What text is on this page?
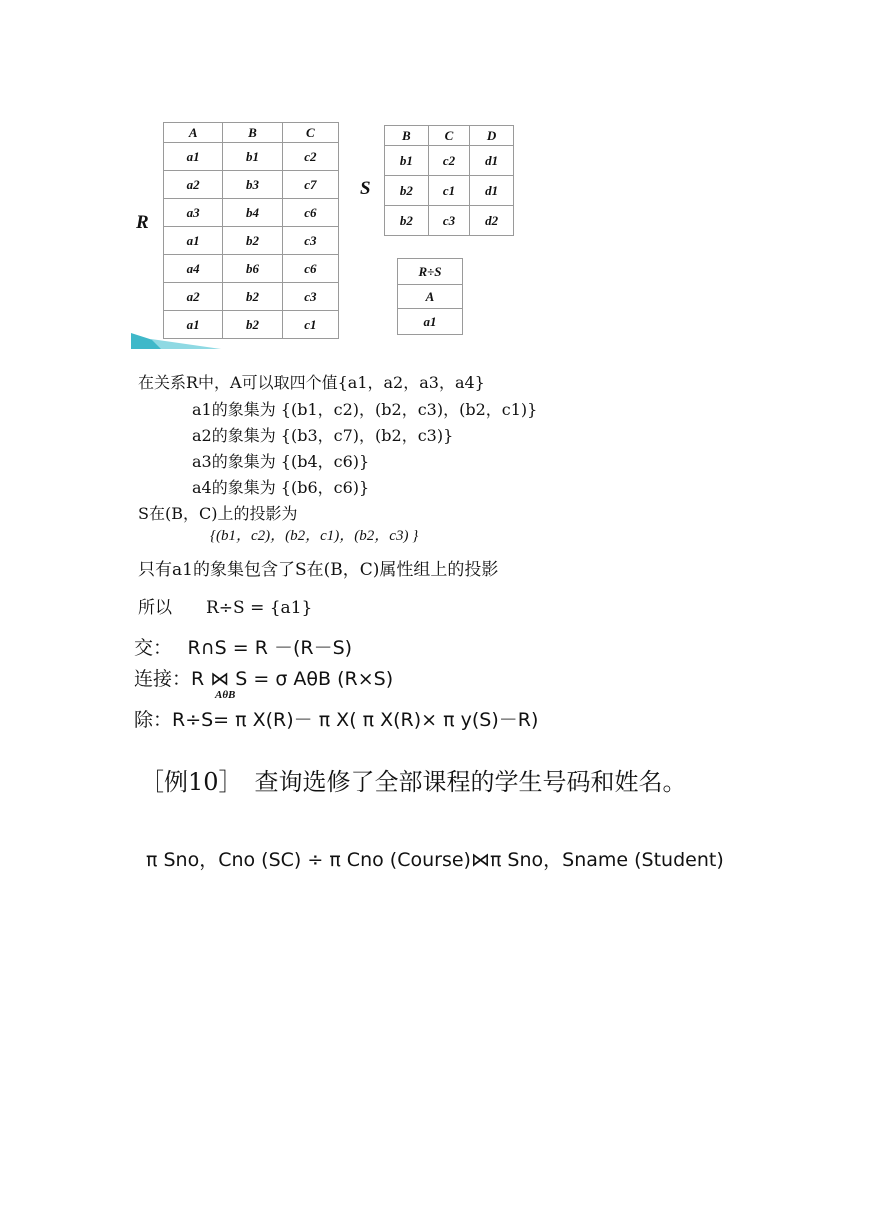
R
A	B	C
a1	b1	c2
a2	b3	c7
a3	b4	c6
a1	b2	c3
a4	b6	c6
a2	b2	c3
a1	b2	c1
S
B	C	D
b1	c2	d1
b2	c1	d1
b2	c3	d2
R÷S
A
a1
在关系R中，A可以取四个值{a1，a2，a3，a4}
a1的象集为 {(b1，c2)，(b2，c3)，(b2，c1)}
a2的象集为 {(b3，c7)，(b2，c3)}
a3的象集为 {(b4，c6)}
a4的象集为 {(b6，c6)}
S在(B，C)上的投影为
{(b1，c2)，(b2，c1)，(b2，c3) }
只有a1的象集包含了S在(B，C)属性组上的投影
所以　　R÷S = {a1}
交：　 R∩S = R －(R－S)
连接：R ⋈ S = σ AθB (R×S)
AθB
除：R÷S= π X(R)－ π X( π X(R)× π y(S)－R)
［例10］　查询选修了全部课程的学生号码和姓名。
π Sno，Cno (SC) ÷ π Cno (Course)⋈π Sno，Sname (Student)
